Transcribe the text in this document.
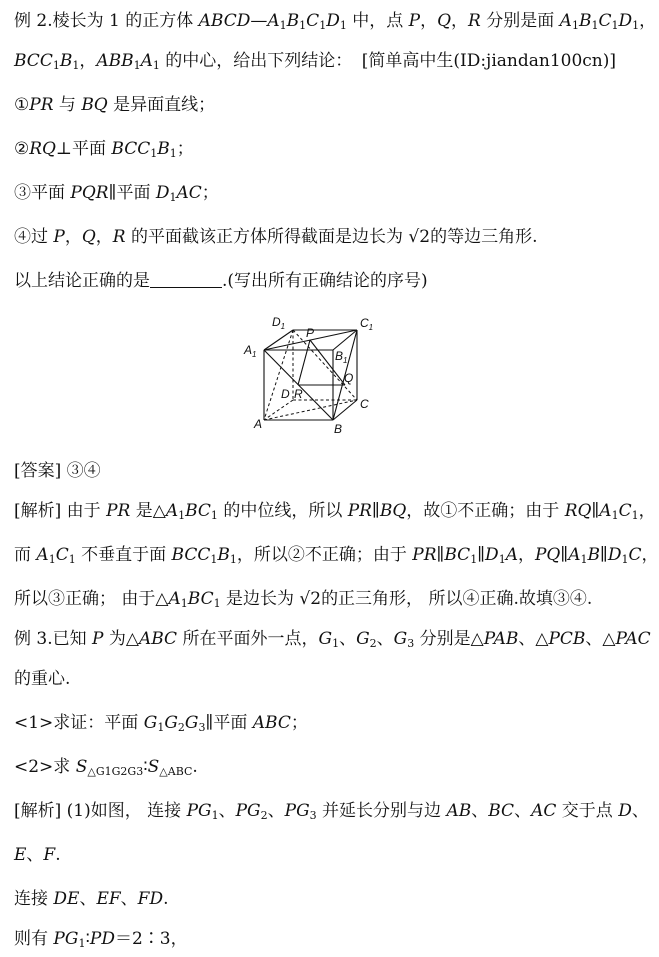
例 2.棱长为 1 的正方体 $ABCD—A_1B_1C_1D_1$ 中，点 P，Q，R 分别是面 $A_1B_1C_1D_1$，
$BCC_1B_1$，$ABB_1A_1$ 的中心，给出下列结论： [简单高中生(ID:jiandan100cn)]
①PR 与 BQ 是异面直线；
②RQ⊥平面 $BCC_1B_1$；
③平面 PQR∥平面 $D_1AC$；
④过 P，Q，R 的平面截该正方体所得截面是边长为 √2的等边三角形.
以上结论正确的是	.(写出所有正确结论的序号)
$D_1$	$C_1$
$A_1$	$B_1$
P
Q
R
D
A	B
C
[答案] ③④
[解析] 由于 PR 是$\triangle A_1BC_1$ 的中位线，所以 PR∥BQ，故①不正确；由于 $RQ\parallel A_1C_1$，
而 $A_1C_1$ 不垂直于面 $BCC_1B_1$，所以②不正确；由于 $PR\parallel BC_1\parallel D_1A$，$PQ\parallel A_1B\parallel D_1C$，
所以③正确； 由于$\triangle A_1BC_1$ 是边长为 √2的正三角形， 所以④正确.故填③④.
例 3.已知 P 为△ABC 所在平面外一点，$G_1$、$G_2$、$G_3$ 分别是△PAB、△PCB、△PAC
的重心.
<1>求证：平面 $G_1G_2G_3\parallel$平面 ABC；
<2>求 $S_{\triangle G1G2G3}∶S_{\triangle ABC}$.
[解析] (1)如图， 连接 $PG_1$、$PG_2$、$PG_3$ 并延长分别与边 AB、BC、AC 交于点 D、
E、F.
连接 DE、EF、FD.
则有 $PG_1∶PD=2∶3$，
